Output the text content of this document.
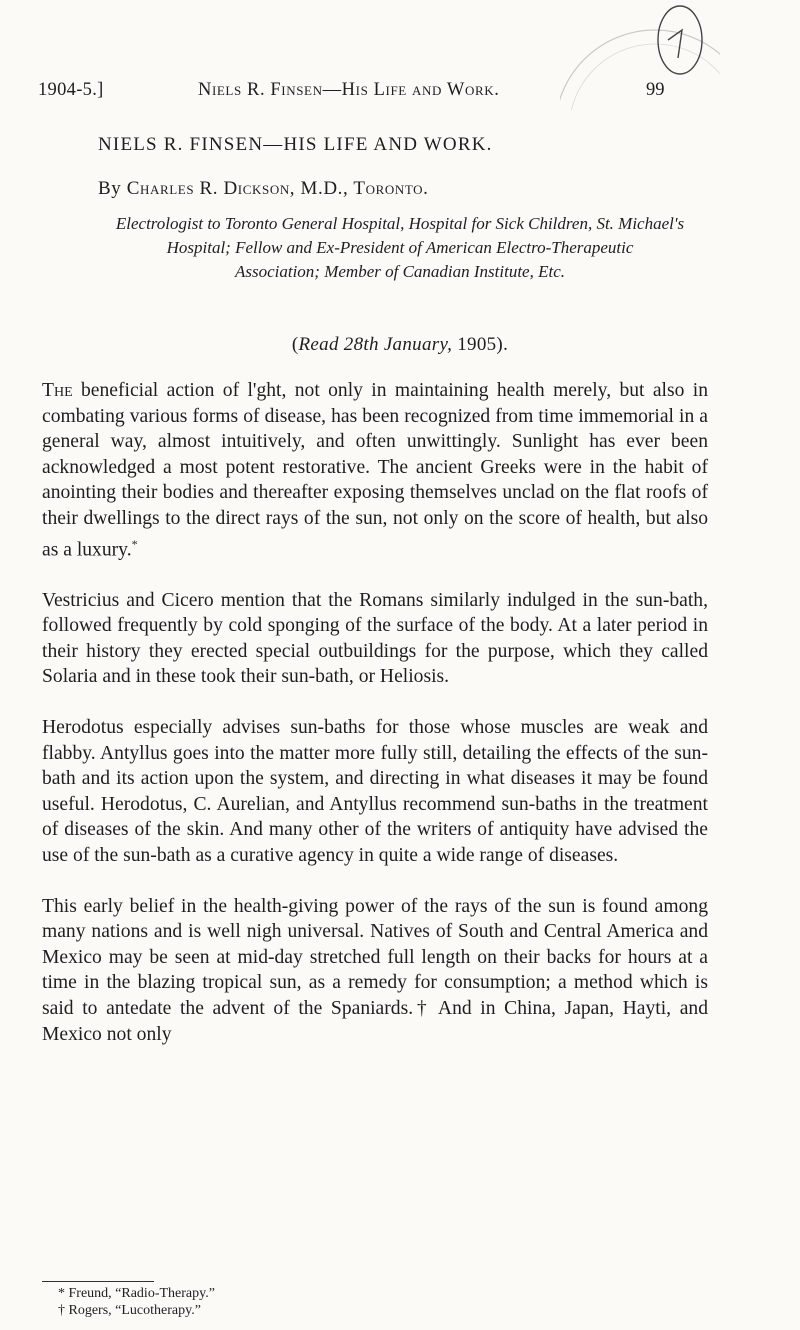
1904-5.]	Niels R. Finsen—His Life and Work.	99
NIELS R. FINSEN—HIS LIFE AND WORK.
By Charles R. Dickson, M.D., Toronto.
Electrologist to Toronto General Hospital, Hospital for Sick Children, St. Michael's
Hospital; Fellow and Ex-President of American Electro-Therapeutic
Association; Member of Canadian Institute, Etc.
(Read 28th January, 1905).

The beneficial action of l'ght, not only in maintaining health merely, but also in combating various forms of disease, has been recognized from time immemorial in a general way, almost intuitively, and often unwittingly. Sunlight has ever been acknowledged a most potent restorative. The ancient Greeks were in the habit of anointing their bodies and thereafter exposing themselves unclad on the flat roofs of their dwellings to the direct rays of the sun, not only on the score of health, but also as a luxury.*

Vestricius and Cicero mention that the Romans similarly indulged in the sun-bath, followed frequently by cold sponging of the surface of the body. At a later period in their history they erected special outbuildings for the purpose, which they called Solaria and in these took their sun-bath, or Heliosis.

Herodotus especially advises sun-baths for those whose muscles are weak and flabby. Antyllus goes into the matter more fully still, detailing the effects of the sun-bath and its action upon the system, and directing in what diseases it may be found useful. Herodotus, C. Aurelian, and Antyllus recommend sun-baths in the treatment of diseases of the skin. And many other of the writers of antiquity have advised the use of the sun-bath as a curative agency in quite a wide range of diseases.

This early belief in the health-giving power of the rays of the sun is found among many nations and is well nigh universal. Natives of South and Central America and Mexico may be seen at mid-day stretched full length on their backs for hours at a time in the blazing tropical sun, as a remedy for consumption; a method which is said to antedate the advent of the Spaniards.† And in China, Japan, Hayti, and Mexico not only

* Freund, “Radio-Therapy.”
† Rogers, “Lucotherapy.”
